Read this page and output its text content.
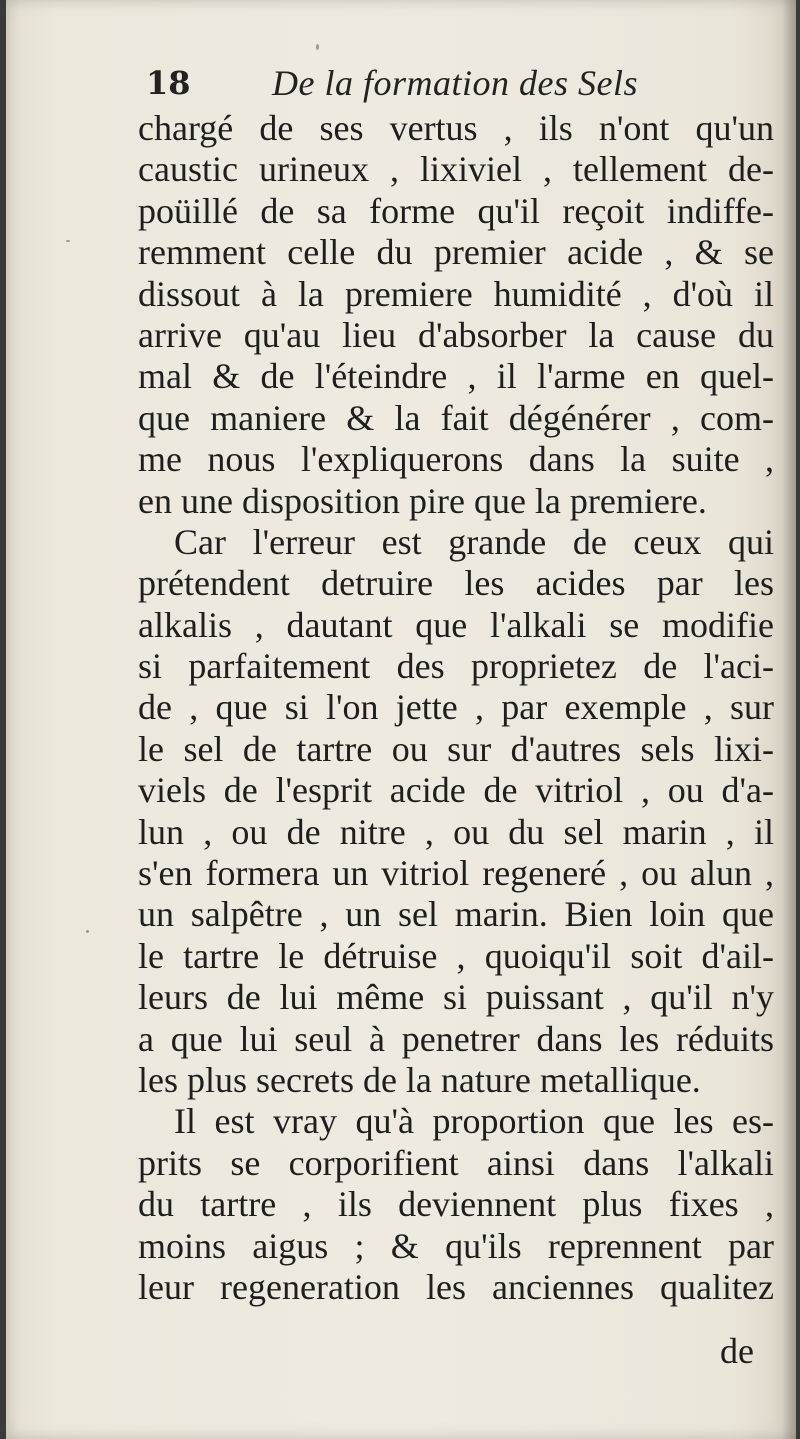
18 De la formation des Sels
chargé de ses vertus , ils n'ont qu'un
caustic urineux , lixiviel , tellement de-
poüillé de sa forme qu'il reçoit indiffe-
remment celle du premier acide , & se
dissout à la premiere humidité , d'où il
arrive qu'au lieu d'absorber la cause du
mal & de l'éteindre , il l'arme en quel-
que maniere & la fait dégénérer , com-
me nous l'expliquerons dans la suite ,
en une disposition pire que la premiere.
Car l'erreur est grande de ceux qui
prétendent detruire les acides par les
alkalis , dautant que l'alkali se modifie
si parfaitement des proprietez de l'aci-
de , que si l'on jette , par exemple , sur
le sel de tartre ou sur d'autres sels lixi-
viels de l'esprit acide de vitriol , ou d'a-
lun , ou de nitre , ou du sel marin , il
s'en formera un vitriol regeneré , ou alun ,
un salpêtre , un sel marin. Bien loin que
le tartre le détruise , quoiqu'il soit d'ail-
leurs de lui même si puissant , qu'il n'y
a que lui seul à penetrer dans les réduits
les plus secrets de la nature metallique.
Il est vray qu'à proportion que les es-
prits se corporifient ainsi dans l'alkali
du tartre , ils deviennent plus fixes ,
moins aigus ; & qu'ils reprennent par
leur regeneration les anciennes qualitez
de
